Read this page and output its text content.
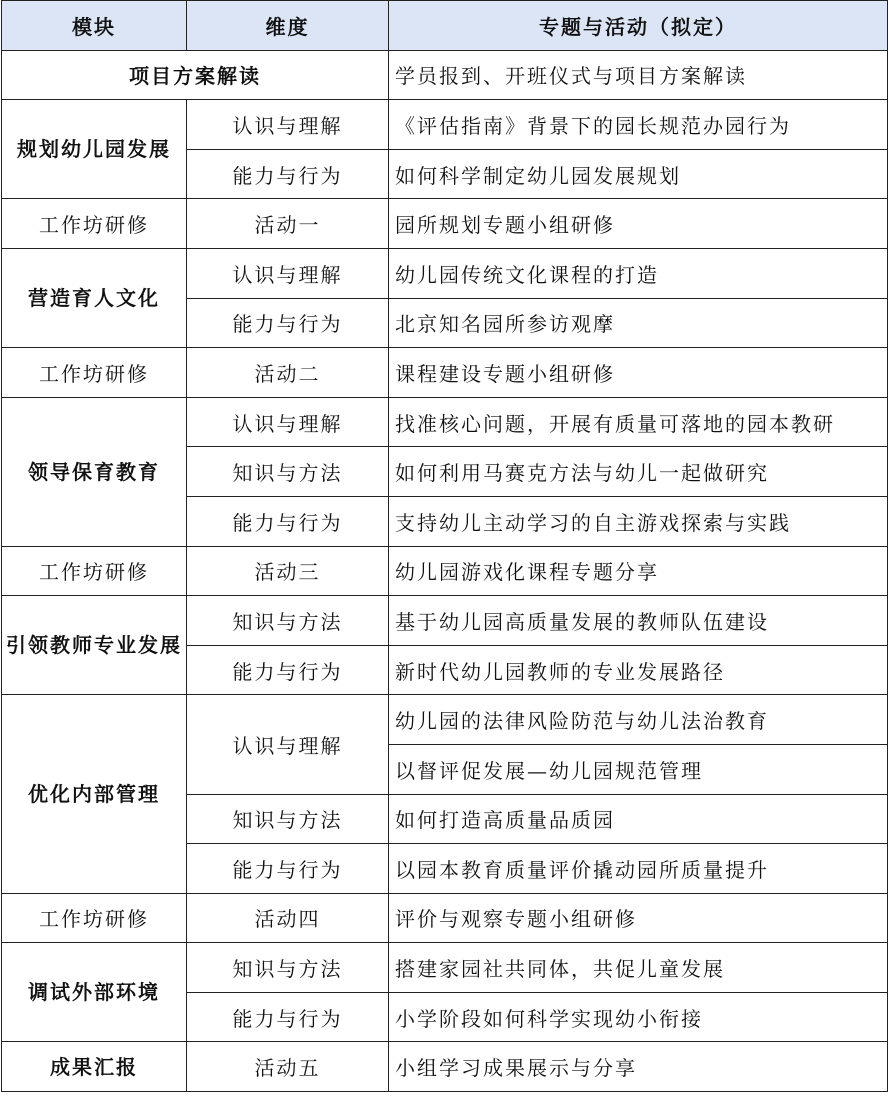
模块	维度	专题与活动（拟定）
项目方案解读		学员报到、开班仪式与项目方案解读
规划幼儿园发展	认识与理解	《评估指南》背景下的园长规范办园行为
	能力与行为	如何科学制定幼儿园发展规划
工作坊研修	活动一	园所规划专题小组研修
营造育人文化	认识与理解	幼儿园传统文化课程的打造
	能力与行为	北京知名园所参访观摩
工作坊研修	活动二	课程建设专题小组研修
领导保育教育	认识与理解	找准核心问题，开展有质量可落地的园本教研
	知识与方法	如何利用马赛克方法与幼儿一起做研究
	能力与行为	支持幼儿主动学习的自主游戏探索与实践
工作坊研修	活动三	幼儿园游戏化课程专题分享
引领教师专业发展	知识与方法	基于幼儿园高质量发展的教师队伍建设
	能力与行为	新时代幼儿园教师的专业发展路径
优化内部管理	认识与理解	幼儿园的法律风险防范与幼儿法治教育
		以督评促发展—幼儿园规范管理
	知识与方法	如何打造高质量品质园
	能力与行为	以园本教育质量评价撬动园所质量提升
工作坊研修	活动四	评价与观察专题小组研修
调试外部环境	知识与方法	搭建家园社共同体，共促儿童发展
	能力与行为	小学阶段如何科学实现幼小衔接
成果汇报	活动五	小组学习成果展示与分享
